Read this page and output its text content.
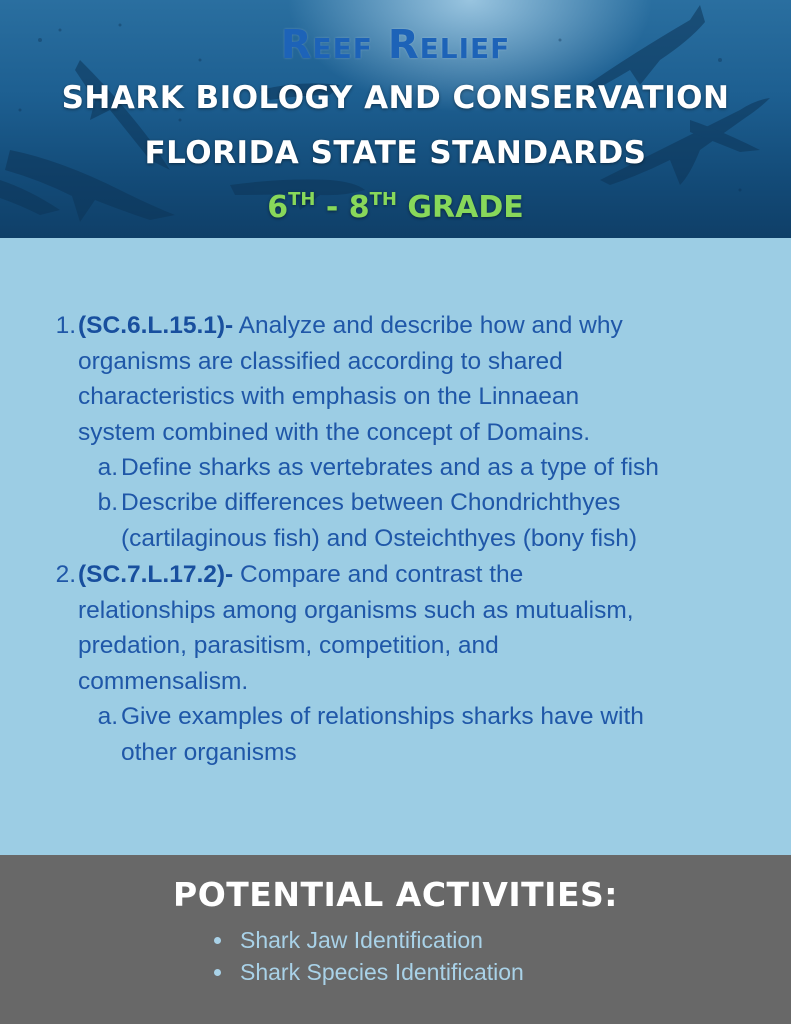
Reef Relief
SHARK BIOLOGY AND CONSERVATION
FLORIDA STATE STANDARDS
6TH - 8TH GRADE
1. (SC.6.L.15.1)- Analyze and describe how and why
organisms are classified according to shared
characteristics with emphasis on the Linnaean
system combined with the concept of Domains.
a. Define sharks as vertebrates and as a type of fish
b. Describe differences between Chondrichthyes
(cartilaginous fish) and Osteichthyes (bony fish)
2. (SC.7.L.17.2)- Compare and contrast the
relationships among organisms such as mutualism,
predation, parasitism, competition, and
commensalism.
a. Give examples of relationships sharks have with
other organisms
POTENTIAL ACTIVITIES:
Shark Jaw Identification
Shark Species Identification
